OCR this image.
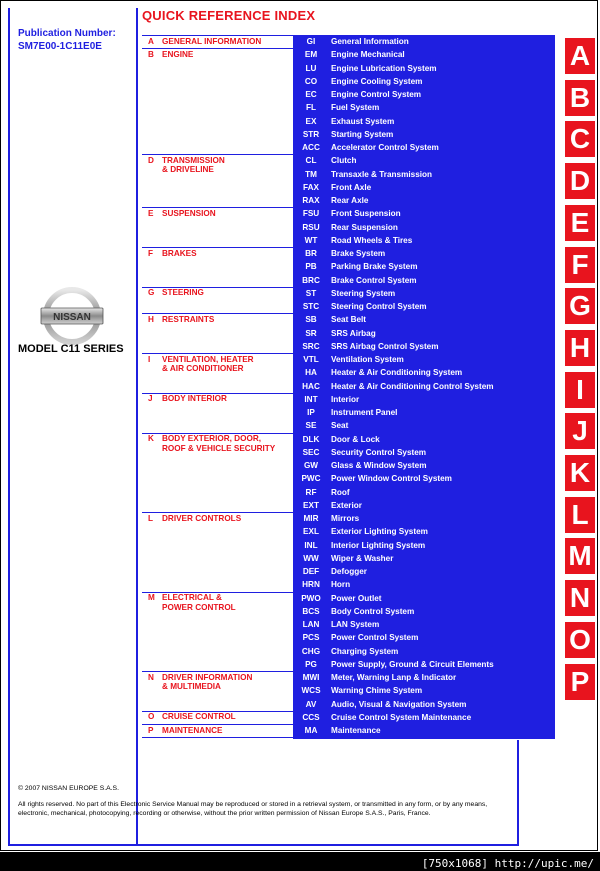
Publication Number:
SM7E00-1C11E0E
QUICK REFERENCE INDEX
NISSAN
MODEL C11 SERIES
GI	General Information
EM	Engine Mechanical
LU	Engine Lubrication System
CO	Engine Cooling System
EC	Engine Control System
FL	Fuel System
EX	Exhaust System
STR	Starting System
ACC	Accelerator Control System
CL	Clutch
TM	Transaxle & Transmission
FAX	Front Axle
RAX	Rear Axle
FSU	Front Suspension
RSU	Rear Suspension
WT	Road Wheels & Tires
BR	Brake System
PB	Parking Brake System
BRC	Brake Control System
ST	Steering System
STC	Steering Control System
SB	Seat Belt
SR	SRS Airbag
SRC	SRS Airbag Control System
VTL	Ventilation System
HA	Heater & Air Conditioning System
HAC	Heater & Air Conditioning Control System
INT	Interior
IP	Instrument Panel
SE	Seat
DLK	Door & Lock
SEC	Security Control System
GW	Glass & Window System
PWC	Power Window Control System
RF	Roof
EXT	Exterior
MIR	Mirrors
EXL	Exterior Lighting System
INL	Interior Lighting System
WW	Wiper & Washer
DEF	Defogger
HRN	Horn
PWO	Power Outlet
BCS	Body Control System
LAN	LAN System
PCS	Power Control System
CHG	Charging System
PG	Power Supply, Ground & Circuit Elements
MWI	Meter, Warning Lanp & Indicator
WCS	Warning Chime System
AV	Audio, Visual & Navigation System
CCS	Cruise Control System Maintenance
MA	Maintenance
A GENERAL INFORMATION
B ENGINE
D TRANSMISSION
& DRIVELINE
E SUSPENSION
F BRAKES
G STEERING
H RESTRAINTS
I VENTILATION, HEATER
& AIR CONDITIONER
J BODY INTERIOR
K BODY EXTERIOR, DOOR,
ROOF & VEHICLE SECURITY
L DRIVER CONTROLS
M ELECTRICAL &
POWER CONTROL
N DRIVER INFORMATION
& MULTIMEDIA
O CRUISE CONTROL
P MAINTENANCE
A
B
C
D
E
F
G
H
I
J
K
L
M
N
O
P
© 2007 NISSAN EUROPE S.A.S.
All rights reserved. No part of this Electronic Service Manual may be reproduced or stored in a retrieval system, or transmitted in any form, or by any means, electronic, mechanical, photocopying, recording or otherwise, without the prior written permission of Nissan Europe S.A.S., Paris, France.
[750x1068] http://upic.me/
